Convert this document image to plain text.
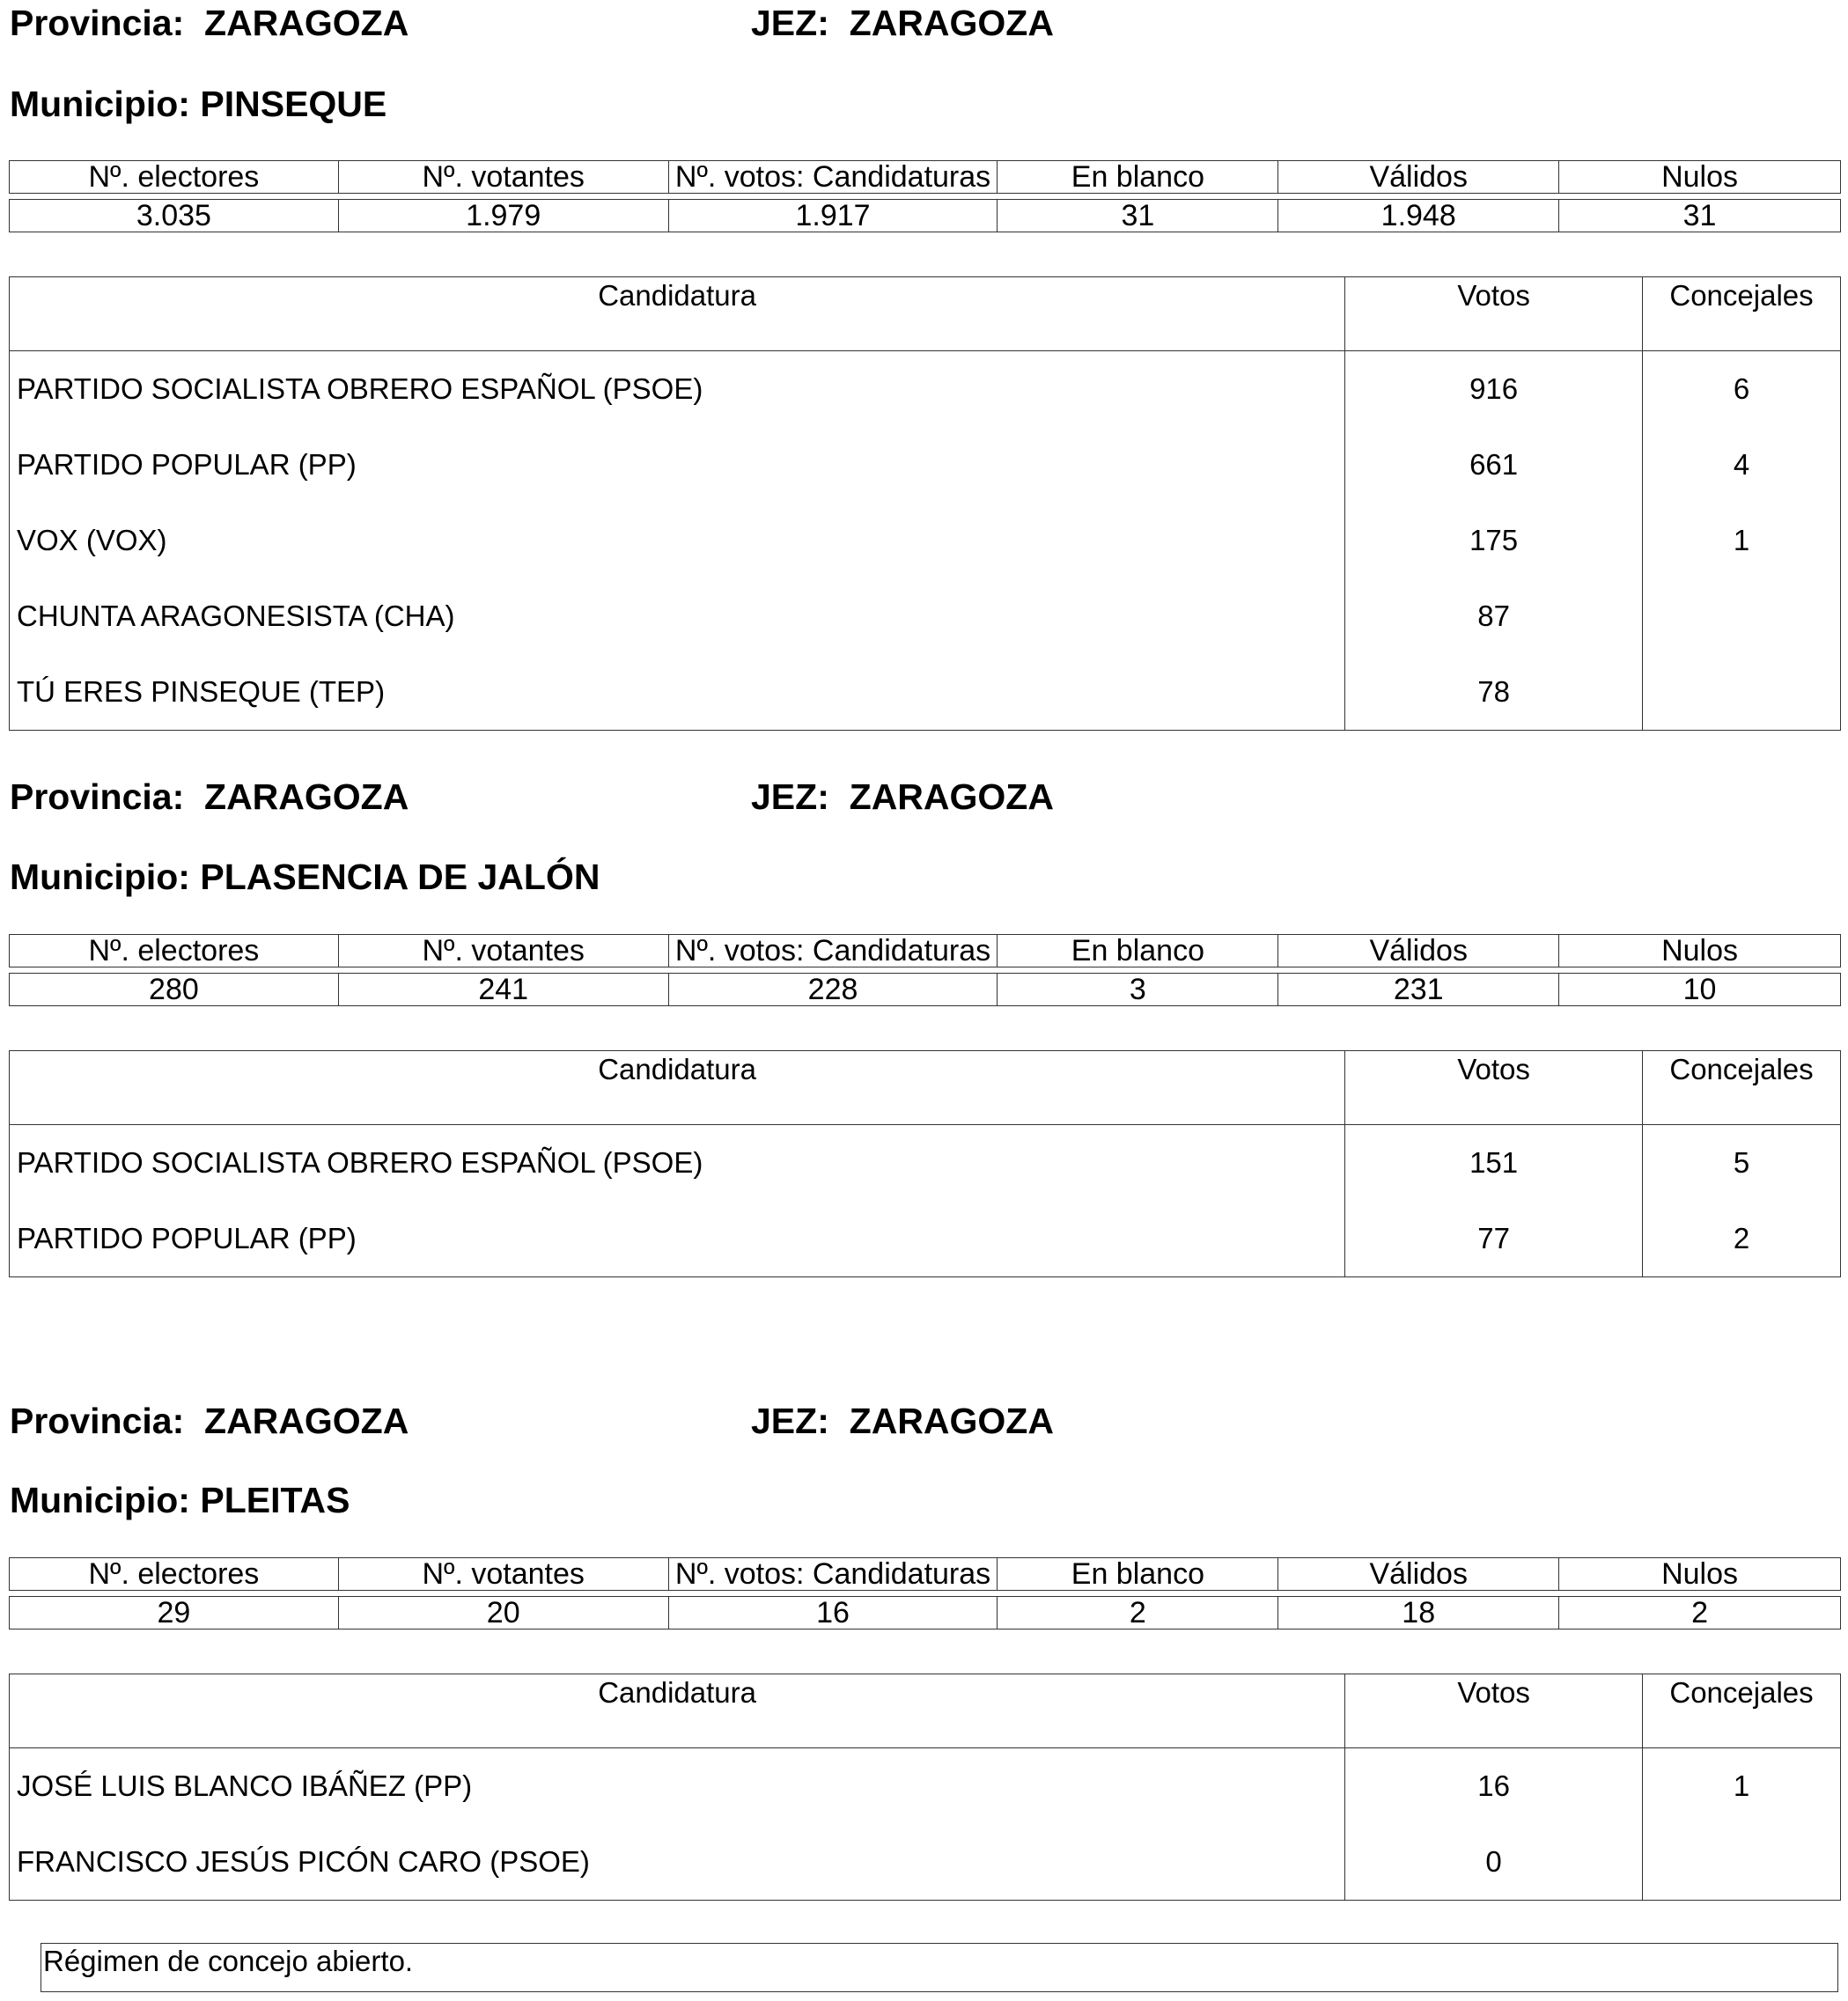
Provincia: ZARAGOZA	JEZ: ZARAGOZA
Municipio: PINSEQUE
Nº. electores	Nº. votantes	Nº. votos: Candidaturas	En blanco	Válidos	Nulos

3.035	1.979	1.917	31	1.948	31
Candidatura	Votos	Concejales
PARTIDO SOCIALISTA OBRERO ESPAÑOL (PSOE)	916	6
PARTIDO POPULAR (PP)	661	4
VOX (VOX)	175	1
CHUNTA ARAGONESISTA (CHA)	87	
TÚ ERES PINSEQUE (TEP)	78	
Provincia: ZARAGOZA	JEZ: ZARAGOZA
Municipio: PLASENCIA DE JALÓN
Nº. electores	Nº. votantes	Nº. votos: Candidaturas	En blanco	Válidos	Nulos

280	241	228	3	231	10
Candidatura	Votos	Concejales
PARTIDO SOCIALISTA OBRERO ESPAÑOL (PSOE)	151	5
PARTIDO POPULAR (PP)	77	2
Provincia: ZARAGOZA	JEZ: ZARAGOZA
Municipio: PLEITAS
Nº. electores	Nº. votantes	Nº. votos: Candidaturas	En blanco	Válidos	Nulos

29	20	16	2	18	2
Candidatura	Votos	Concejales
JOSÉ LUIS BLANCO IBÁÑEZ (PP)	16	1
FRANCISCO JESÚS PICÓN CARO (PSOE)	0	
Régimen de concejo abierto.
